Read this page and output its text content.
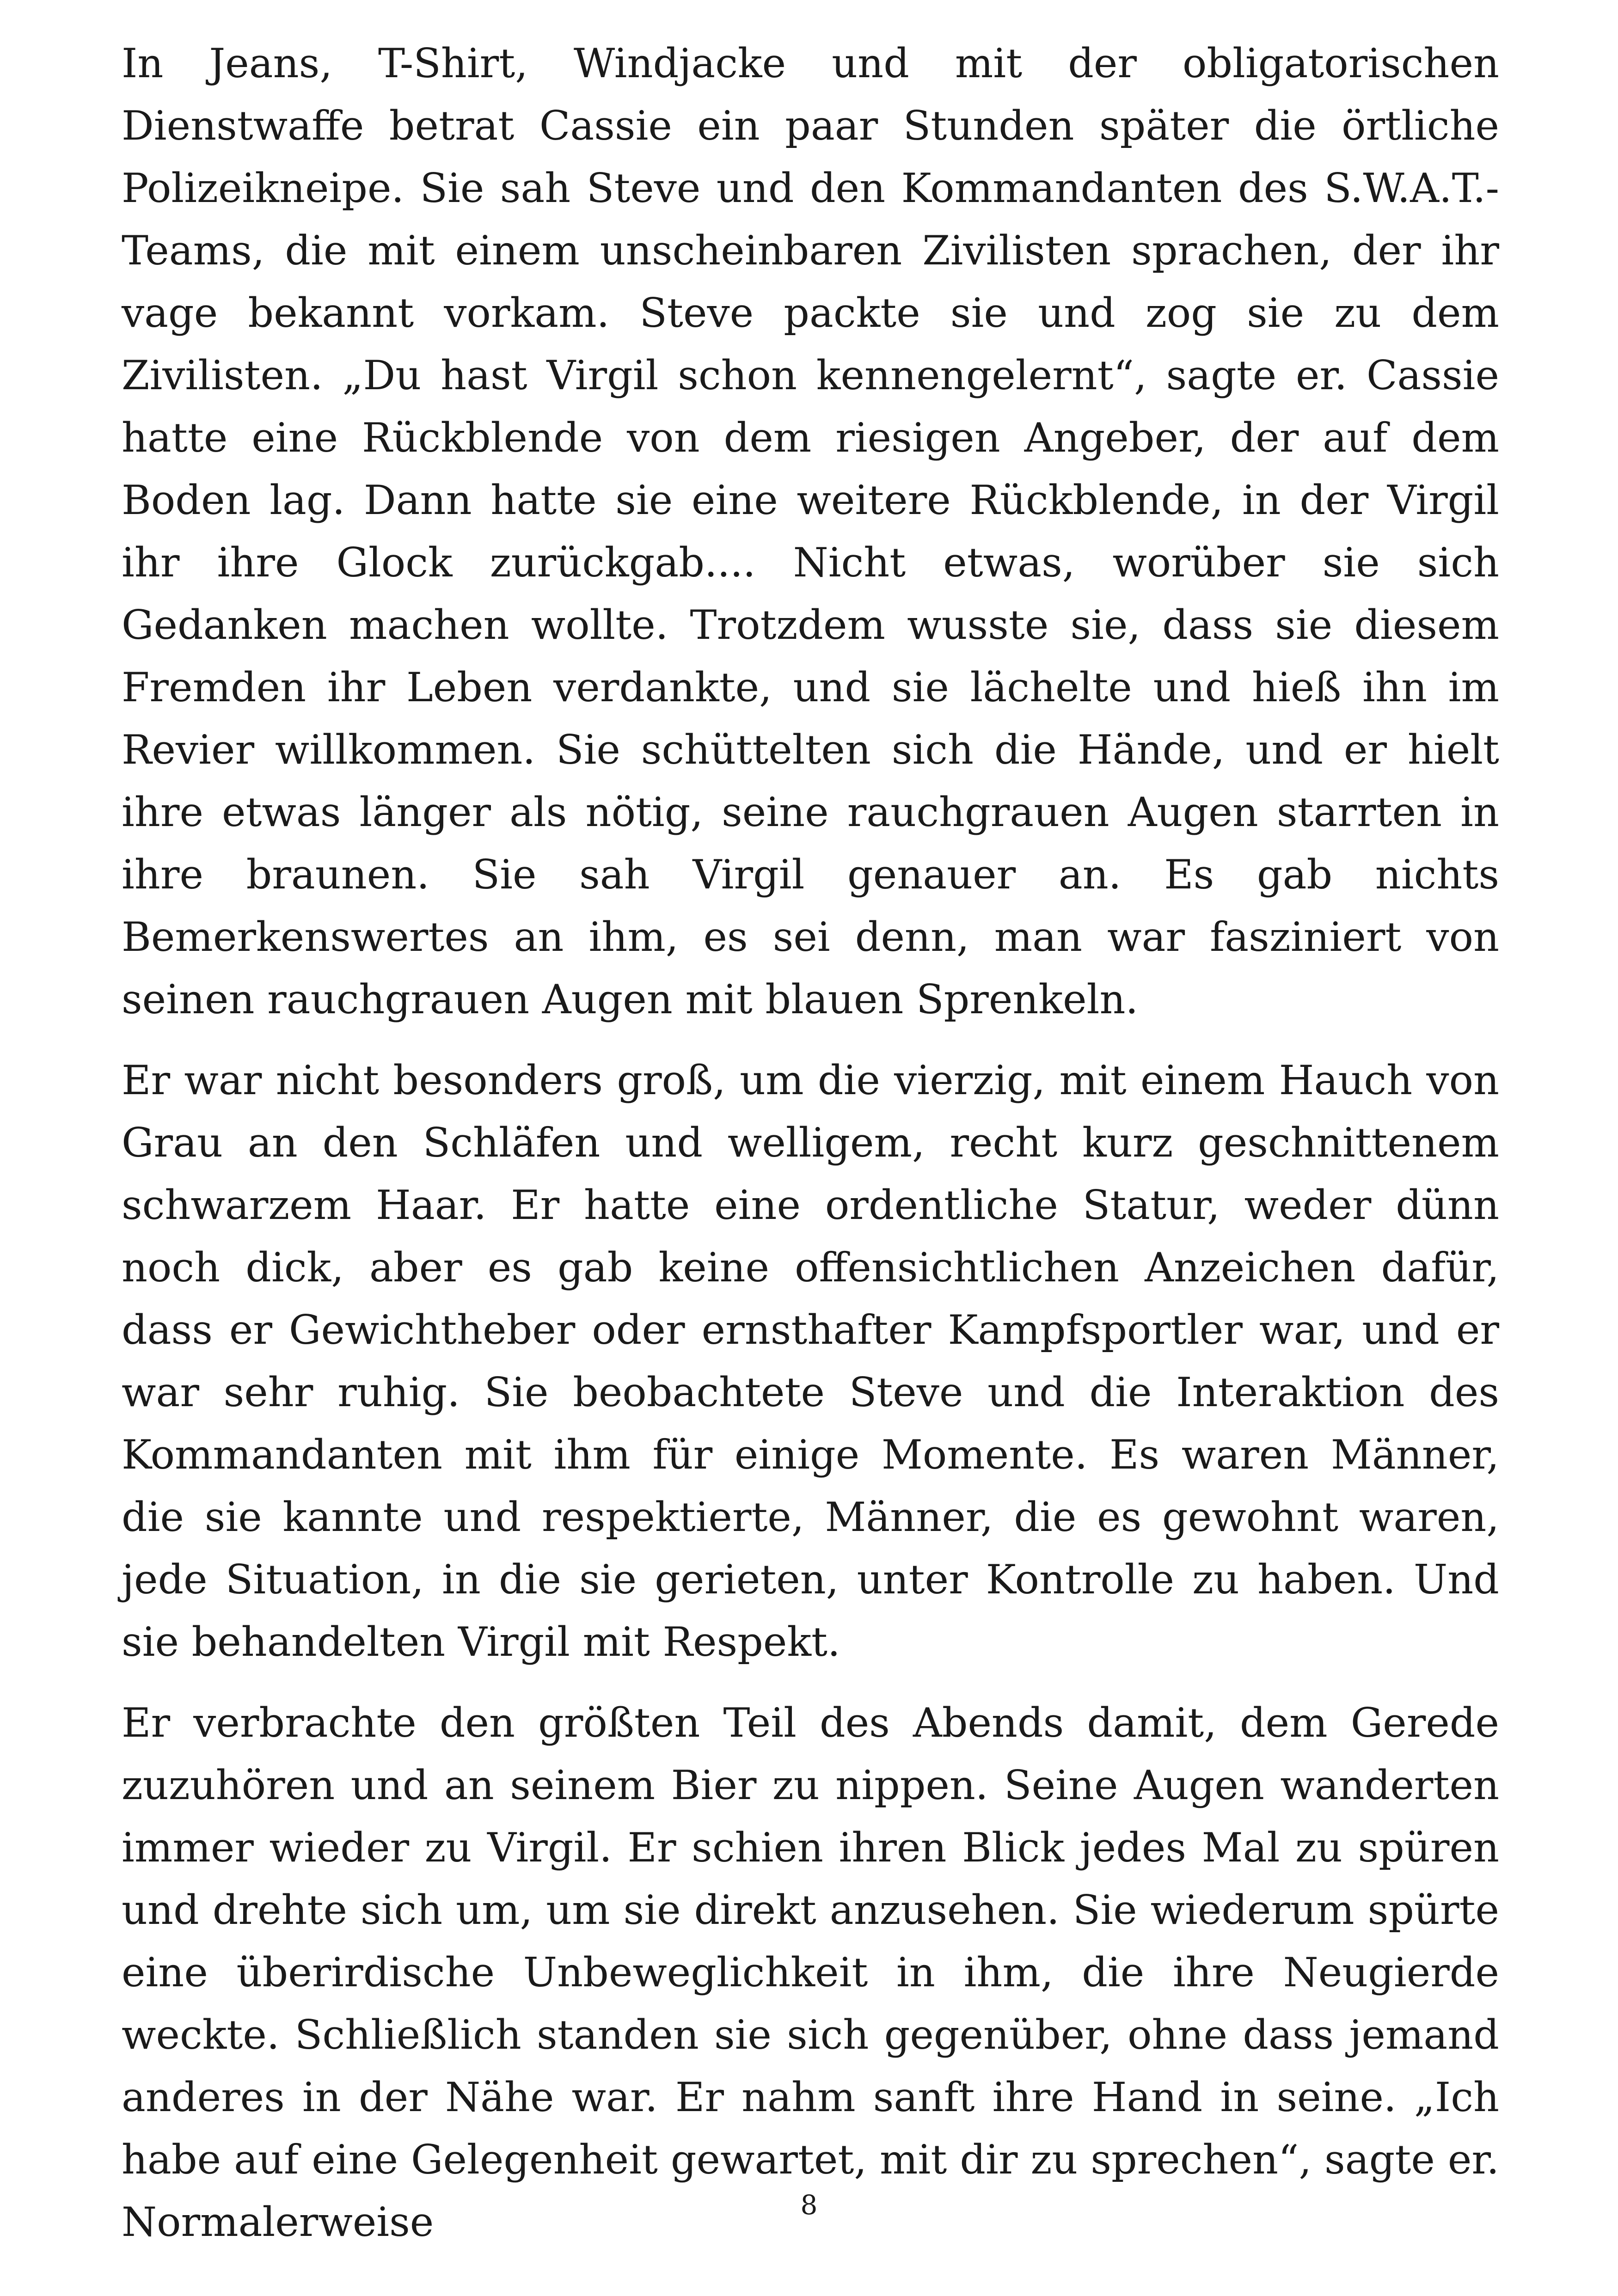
In Jeans, T-Shirt, Windjacke und mit der obligatorischen Dienstwaffe betrat Cassie ein paar Stunden später die örtliche Polizeikneipe. Sie sah Steve und den Kommandanten des S.W.A.T.-Teams, die mit einem unscheinbaren Zivilisten sprachen, der ihr vage bekannt vorkam. Steve packte sie und zog sie zu dem Zivilisten. „Du hast Virgil schon kennengelernt“, sagte er. Cassie hatte eine Rückblende von dem riesigen Angeber, der auf dem Boden lag. Dann hatte sie eine weitere Rückblende, in der Virgil ihr ihre Glock zurückgab.... Nicht etwas, worüber sie sich Gedanken machen wollte. Trotzdem wusste sie, dass sie diesem Fremden ihr Leben verdankte, und sie lächelte und hieß ihn im Revier willkommen. Sie schüttelten sich die Hände, und er hielt ihre etwas länger als nötig, seine rauchgrauen Augen starrten in ihre braunen. Sie sah Virgil genauer an. Es gab nichts Bemerkenswertes an ihm, es sei denn, man war fasziniert von seinen rauchgrauen Augen mit blauen Sprenkeln.

Er war nicht besonders groß, um die vierzig, mit einem Hauch von Grau an den Schläfen und welligem, recht kurz geschnittenem schwarzem Haar. Er hatte eine ordentliche Statur, weder dünn noch dick, aber es gab keine offensichtlichen Anzeichen dafür, dass er Gewichtheber oder ernsthafter Kampfsportler war, und er war sehr ruhig. Sie beobachtete Steve und die Interaktion des Kommandanten mit ihm für einige Momente. Es waren Männer, die sie kannte und respektierte, Männer, die es gewohnt waren, jede Situation, in die sie gerieten, unter Kontrolle zu haben. Und sie behandelten Virgil mit Respekt.

Er verbrachte den größten Teil des Abends damit, dem Gerede zuzuhören und an seinem Bier zu nippen. Seine Augen wanderten immer wieder zu Virgil. Er schien ihren Blick jedes Mal zu spüren und drehte sich um, um sie direkt anzusehen. Sie wiederum spürte eine überirdische Unbeweglichkeit in ihm, die ihre Neugierde weckte. Schließlich standen sie sich gegenüber, ohne dass jemand anderes in der Nähe war. Er nahm sanft ihre Hand in seine. „Ich habe auf eine Gelegenheit gewartet, mit dir zu sprechen“, sagte er. Normalerweise	8
